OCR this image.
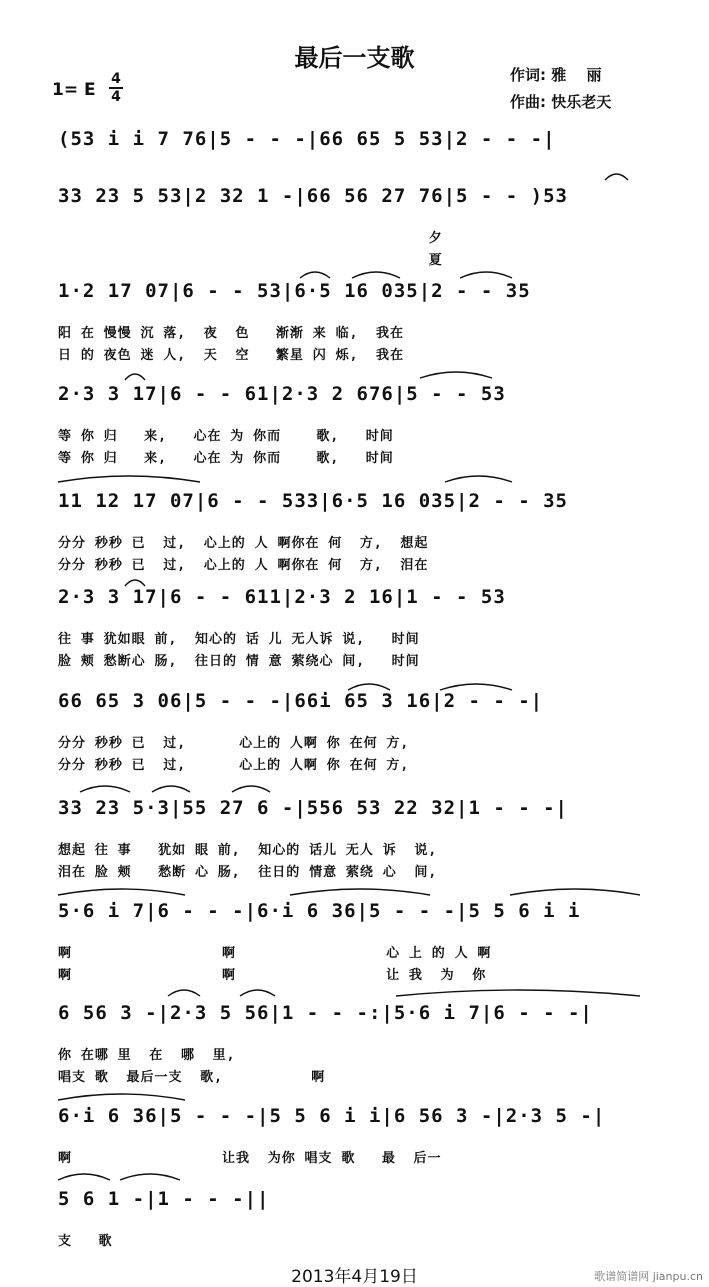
最后一支歌
1= E
4
4
作词: 雅　 丽
作曲: 快乐老天
(53 i i 7 76|5 - - -|66 65 5 53|2 - - -|
33 23 5 53|2 32 1 -|66 56 27 76|5 - - )53
夕
夏
1·2 17 07|6 - - 53|6·5 16 035|2 - - 35
阳 在 慢慢 沉 落,  夜  色   渐渐 来 临,  我在
日 的 夜色 迷 人,  天  空   繁星 闪 烁,  我在
2·3 3 17|6 - - 61|2·3 2 676|5 - - 53
等 你 归   来,   心在 为 你而    歌,   时间
等 你 归   来,   心在 为 你而    歌,   时间
11 12 17 07|6 - - 533|6·5 16 035|2 - - 35
分分 秒秒 已  过,  心上的 人 啊你在 何  方,  想起
分分 秒秒 已  过,  心上的 人 啊你在 何  方,  泪在
2·3 3 17|6 - - 611|2·3 2 16|1 - - 53
往 事 犹如眼 前,  知心的 话 儿 无人诉 说,   时间
脸 颊 愁断心 肠,  往日的 情 意 萦绕心 间,   时间
66 65 3 06|5 - - -|66i 65 3 16|2 - - -|
分分 秒秒 已  过,      心上的 人啊 你 在何 方,
分分 秒秒 已  过,      心上的 人啊 你 在何 方,
33 23 5·3|55 27 6 -|556 53 22 32|1 - - -|
想起 往 事   犹如 眼 前,  知心的 话儿 无人 诉  说,
泪在 脸 颊   愁断 心 肠,  往日的 情意 萦绕 心  间,
5·6 i 7|6 - - -|6·i 6 36|5 - - -|5 5 6 i i
啊                 啊                 心 上 的 人 啊
啊                 啊                 让 我  为  你
6 56 3 -|2·3 5 56|1 - - -:|5·6 i 7|6 - - -|
你 在哪 里  在  哪  里,
唱支 歌  最后一支  歌,          啊
6·i 6 36|5 - - -|5 5 6 i i|6 56 3 -|2·3 5 -|
啊                 让我  为你 唱支 歌   最  后一
5 6 1 -|1 - - -||
支   歌
2013年4月19日	歌谱简谱网 jianpu.cn
